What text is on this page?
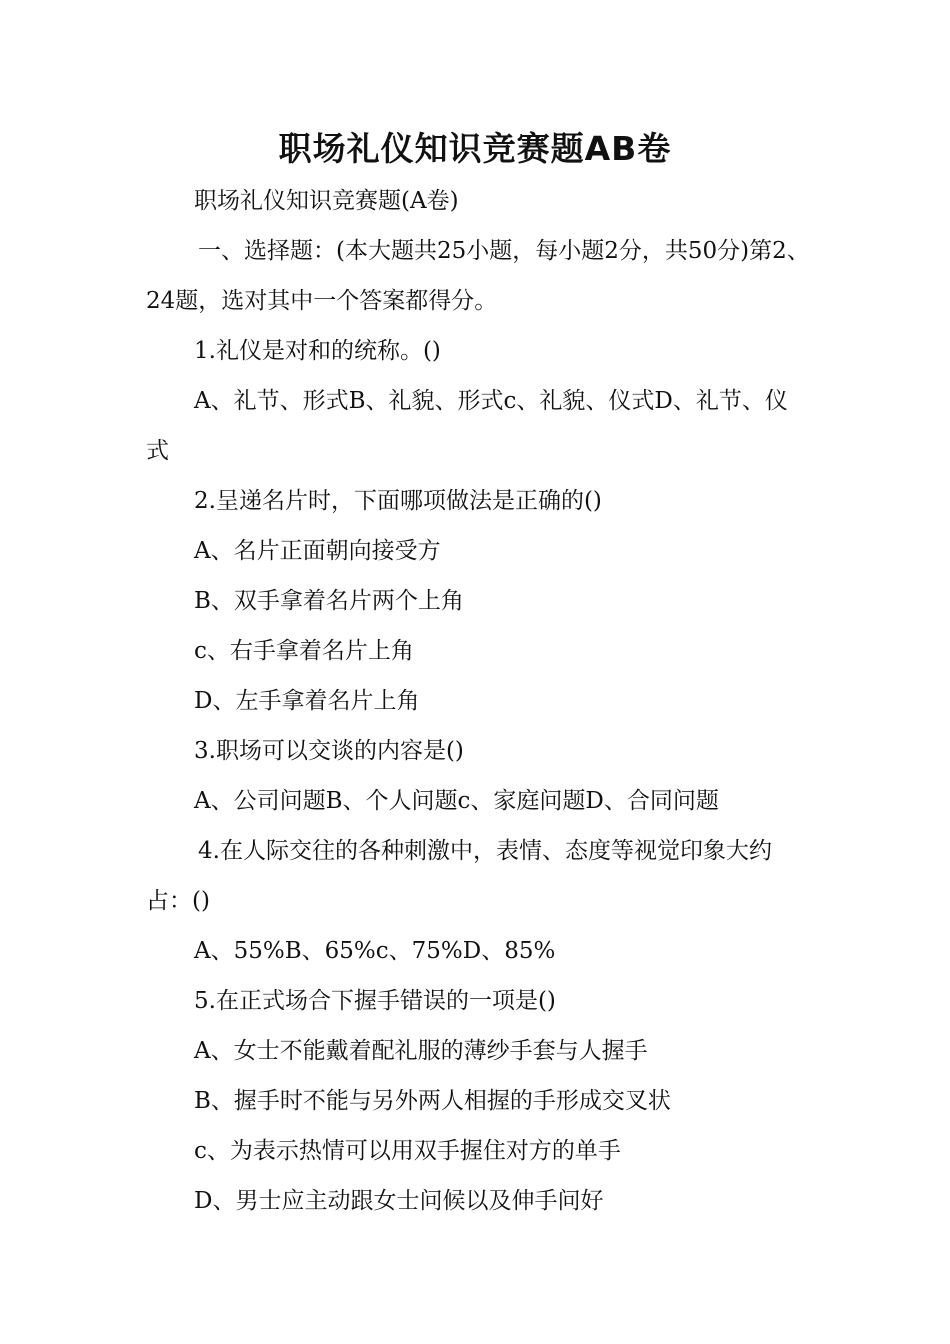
职场礼仪知识竞赛题AB卷

职场礼仪知识竞赛题(A卷)

一、选择题：(本大题共25小题，每小题2分，共50分)第2、24题，选对其中一个答案都得分。

1.礼仪是对和的统称。()

A、礼节、形式B、礼貌、形式c、礼貌、仪式D、礼节、仪式

2.呈递名片时，下面哪项做法是正确的()

A、名片正面朝向接受方

B、双手拿着名片两个上角

c、右手拿着名片上角

D、左手拿着名片上角

3.职场可以交谈的内容是()

A、公司问题B、个人问题c、家庭问题D、合同问题

4.在人际交往的各种刺激中，表情、态度等视觉印象大约占：()

A、55%B、65%c、75%D、85%

5.在正式场合下握手错误的一项是()

A、女士不能戴着配礼服的薄纱手套与人握手

B、握手时不能与另外两人相握的手形成交叉状

c、为表示热情可以用双手握住对方的单手

D、男士应主动跟女士问候以及伸手问好
